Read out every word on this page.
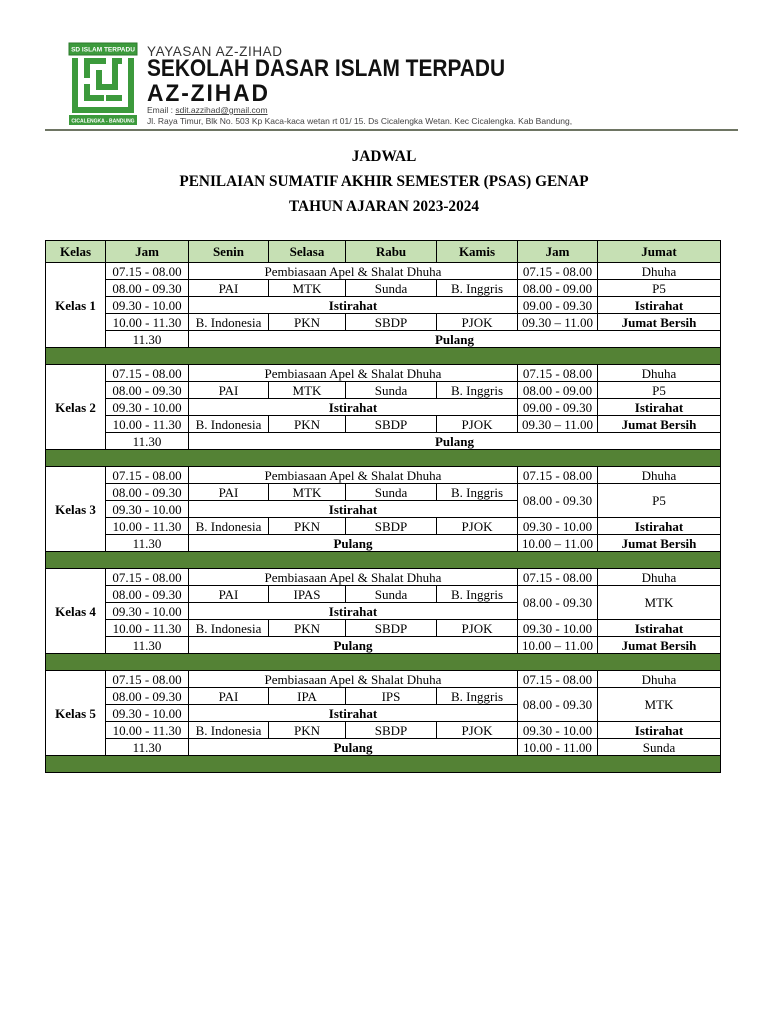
SD ISLAM TERPADU
CICALENGKA - BANDUNG
YAYASAN AZ-ZIHAD
SEKOLAH DASAR ISLAM TERPADU
AZ-ZIHAD
Email : sdit.azzihad@gmail.com
Jl. Raya Timur, Blk No. 503 Kp Kaca-kaca wetan rt 01/ 15. Ds Cicalengka Wetan. Kec Cicalengka. Kab Bandung,
JADWAL
PENILAIAN SUMATIF AKHIR SEMESTER (PSAS) GENAP
TAHUN AJARAN 2023-2024
Kelas	Jam	Senin	Selasa	Rabu	Kamis	Jam	Jumat
Kelas 1	07.15 - 08.00	Pembiasaan Apel & Shalat Dhuha				07.15 - 08.00	Dhuha
	08.00 - 09.30	PAI	MTK	Sunda	B. Inggris	08.00 - 09.00	P5
	09.30 - 10.00	Istirahat				09.00 - 09.30	Istirahat
	10.00 - 11.30	B. Indonesia	PKN	SBDP	PJOK	09.30 – 11.00	Jumat Bersih
	11.30	Pulang					

Kelas 2	07.15 - 08.00	Pembiasaan Apel & Shalat Dhuha				07.15 - 08.00	Dhuha
	08.00 - 09.30	PAI	MTK	Sunda	B. Inggris	08.00 - 09.00	P5
	09.30 - 10.00	Istirahat				09.00 - 09.30	Istirahat
	10.00 - 11.30	B. Indonesia	PKN	SBDP	PJOK	09.30 – 11.00	Jumat Bersih
	11.30	Pulang					

Kelas 3	07.15 - 08.00	Pembiasaan Apel & Shalat Dhuha				07.15 - 08.00	Dhuha
	08.00 - 09.30	PAI	MTK	Sunda	B. Inggris	08.00 - 09.30	P5
	09.30 - 10.00	Istirahat					
	10.00 - 11.30	B. Indonesia	PKN	SBDP	PJOK	09.30 - 10.00	Istirahat
	11.30	Pulang				10.00 – 11.00	Jumat Bersih

Kelas 4	07.15 - 08.00	Pembiasaan Apel & Shalat Dhuha				07.15 - 08.00	Dhuha
	08.00 - 09.30	PAI	IPAS	Sunda	B. Inggris	08.00 - 09.30	MTK
	09.30 - 10.00	Istirahat					
	10.00 - 11.30	B. Indonesia	PKN	SBDP	PJOK	09.30 - 10.00	Istirahat
	11.30	Pulang				10.00 – 11.00	Jumat Bersih

Kelas 5	07.15 - 08.00	Pembiasaan Apel & Shalat Dhuha				07.15 - 08.00	Dhuha
	08.00 - 09.30	PAI	IPA	IPS	B. Inggris	08.00 - 09.30	MTK
	09.30 - 10.00	Istirahat					
	10.00 - 11.30	B. Indonesia	PKN	SBDP	PJOK	09.30 - 10.00	Istirahat
	11.30	Pulang				10.00 - 11.00	Sunda
